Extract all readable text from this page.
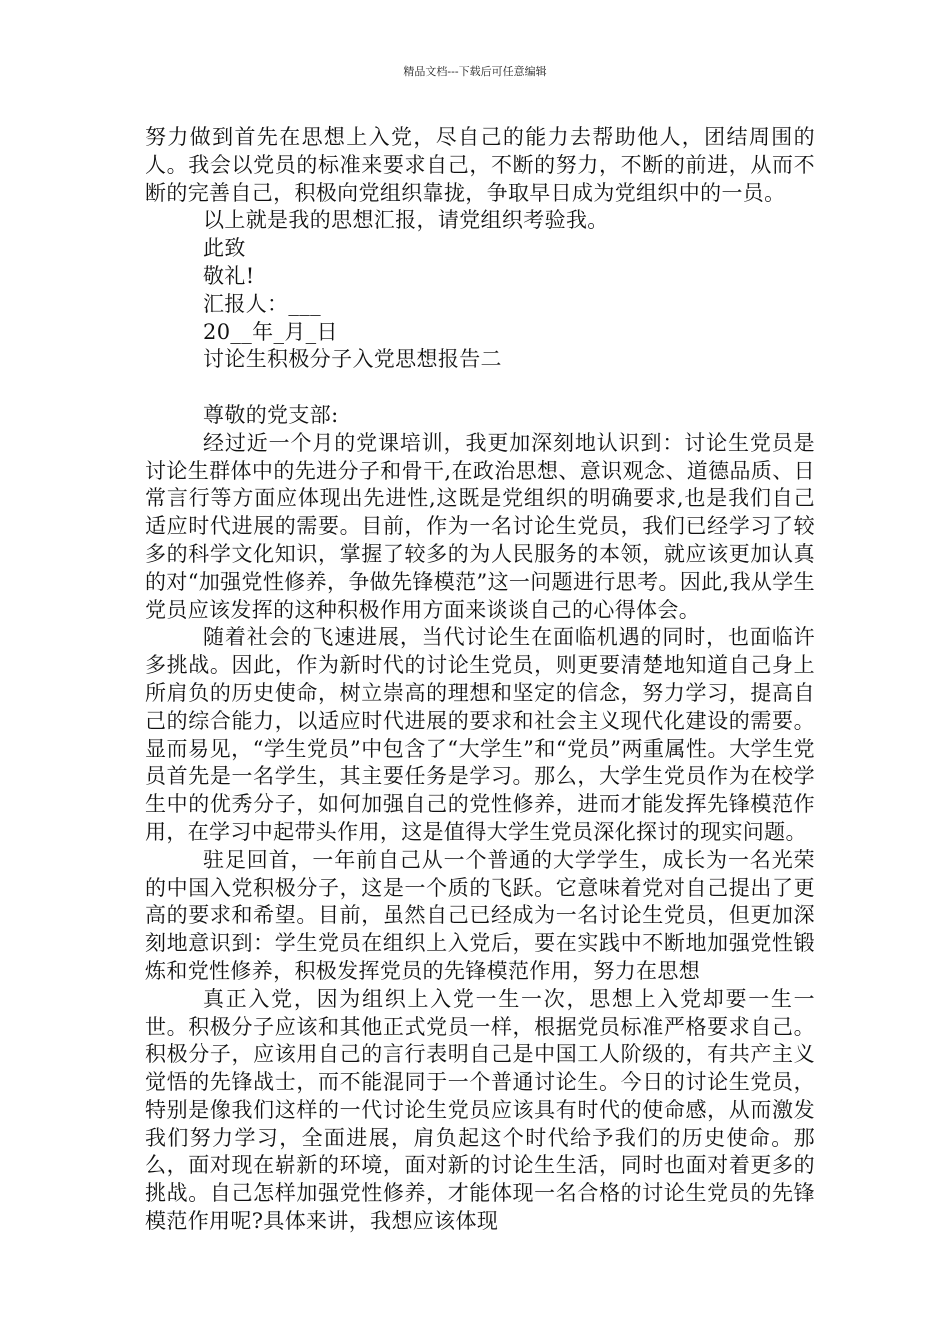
精品文档---下载后可任意编辑

努力做到首先在思想上入党，尽自己的能力去帮助他人，团结周围的人。我会以党员的标准来要求自己，不断的努力，不断的前进，从而不断的完善自己，积极向党组织靠拢，争取早日成为党组织中的一员。

以上就是我的思想汇报，请党组织考验我。

此致

敬礼!

汇报人：___

20__年_月_日

讨论生积极分子入党思想报告二

尊敬的党支部:

经过近一个月的党课培训，我更加深刻地认识到：讨论生党员是讨论生群体中的先进分子和骨干,在政治思想、意识观念、道德品质、日常言行等方面应体现出先进性,这既是党组织的明确要求,也是我们自己适应时代进展的需要。目前，作为一名讨论生党员，我们已经学习了较多的科学文化知识，掌握了较多的为人民服务的本领，就应该更加认真的对“加强党性修养，争做先锋模范”这一问题进行思考。因此,我从学生党员应该发挥的这种积极作用方面来谈谈自己的心得体会。

随着社会的飞速进展，当代讨论生在面临机遇的同时，也面临许多挑战。因此，作为新时代的讨论生党员，则更要清楚地知道自己身上所肩负的历史使命，树立崇高的理想和坚定的信念，努力学习，提高自己的综合能力，以适应时代进展的要求和社会主义现代化建设的需要。显而易见，“学生党员”中包含了“大学生”和“党员”两重属性。大学生党员首先是一名学生，其主要任务是学习。那么，大学生党员作为在校学生中的优秀分子，如何加强自己的党性修养，进而才能发挥先锋模范作用，在学习中起带头作用，这是值得大学生党员深化探讨的现实问题。

驻足回首，一年前自己从一个普通的大学学生，成长为一名光荣的中国入党积极分子，这是一个质的飞跃。它意味着党对自己提出了更高的要求和希望。目前，虽然自己已经成为一名讨论生党员，但更加深刻地意识到：学生党员在组织上入党后，要在实践中不断地加强党性锻炼和党性修养，积极发挥党员的先锋模范作用，努力在思想

真正入党，因为组织上入党一生一次，思想上入党却要一生一世。积极分子应该和其他正式党员一样，根据党员标准严格要求自己。积极分子，应该用自己的言行表明自己是中国工人阶级的，有共产主义觉悟的先锋战士，而不能混同于一个普通讨论生。今日的讨论生党员，特别是像我们这样的一代讨论生党员应该具有时代的使命感，从而激发我们努力学习，全面进展，肩负起这个时代给予我们的历史使命。那么，面对现在崭新的环境，面对新的讨论生生活，同时也面对着更多的挑战。自己怎样加强党性修养，才能体现一名合格的讨论生党员的先锋模范作用呢?具体来讲，我想应该体现
